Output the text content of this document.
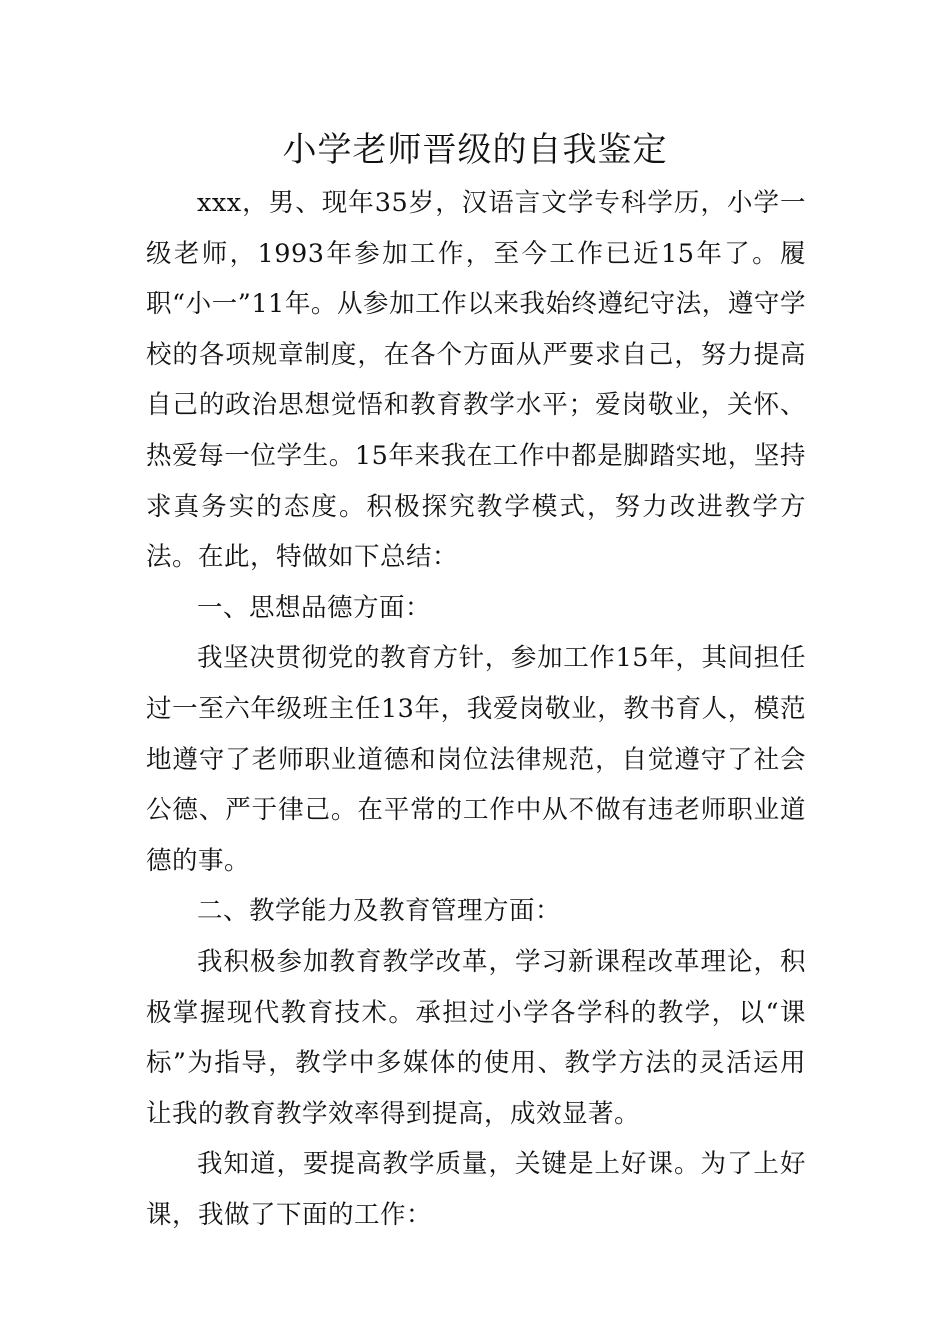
小学老师晋级的自我鉴定

xxx，男、现年35岁，汉语言文学专科学历，小学一级老师，1993年参加工作，至今工作已近15年了。履职“小一”11年。从参加工作以来我始终遵纪守法，遵守学校的各项规章制度，在各个方面从严要求自己，努力提高自己的政治思想觉悟和教育教学水平；爱岗敬业，关怀、热爱每一位学生。15年来我在工作中都是脚踏实地，坚持求真务实的态度。积极探究教学模式，努力改进教学方法。在此，特做如下总结：

一、思想品德方面：

我坚决贯彻党的教育方针，参加工作15年，其间担任过一至六年级班主任13年，我爱岗敬业，教书育人，模范地遵守了老师职业道德和岗位法律规范，自觉遵守了社会公德、严于律己。在平常的工作中从不做有违老师职业道德的事。

二、教学能力及教育管理方面：

我积极参加教育教学改革，学习新课程改革理论，积极掌握现代教育技术。承担过小学各学科的教学，以“课标”为指导，教学中多媒体的使用、教学方法的灵活运用让我的教育教学效率得到提高，成效显著。

我知道，要提高教学质量，关键是上好课。为了上好课，我做了下面的工作：
